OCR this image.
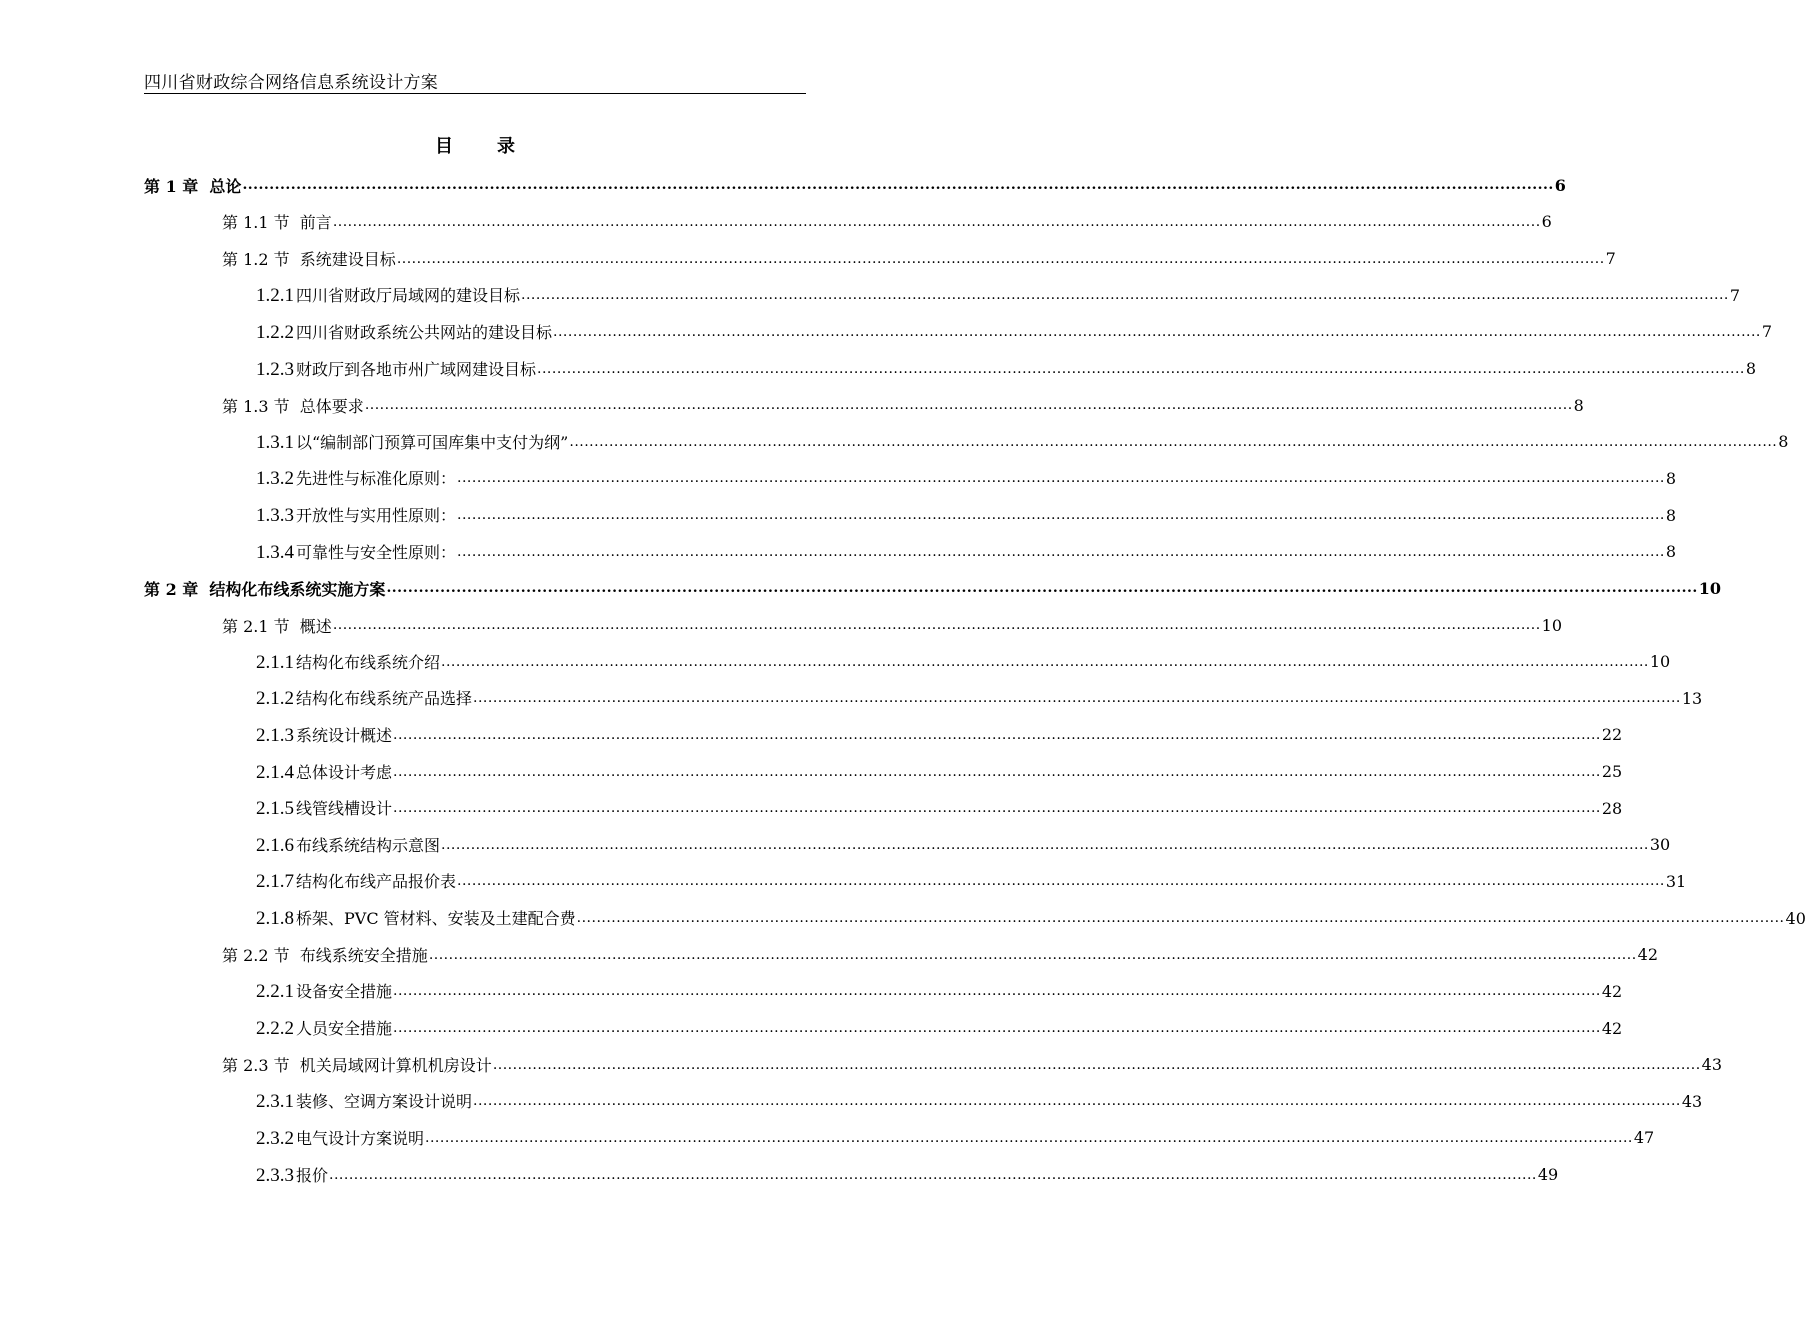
四川省财政综合网络信息系统设计方案
目 录
第 1 章 总论 .................................................................................................................................................................................................................................................... 6
第 1.1 节 前言 .................................................................................................................................................................................................................................................... 6
第 1.2 节 系统建设目标 .................................................................................................................................................................................................................................................... 7
1.2.1 四川省财政厅局域网的建设目标 .................................................................................................................................................................................................................................................... 7
1.2.2 四川省财政系统公共网站的建设目标 .................................................................................................................................................................................................................................................... 7
1.2.3 财政厅到各地市州广域网建设目标 .................................................................................................................................................................................................................................................... 8
第 1.3 节 总体要求 .................................................................................................................................................................................................................................................... 8
1.3.1 以“编制部门预算可国库集中支付为纲” .................................................................................................................................................................................................................................................... 8
1.3.2 先进性与标准化原则： .................................................................................................................................................................................................................................................... 8
1.3.3 开放性与实用性原则： .................................................................................................................................................................................................................................................... 8
1.3.4 可靠性与安全性原则： .................................................................................................................................................................................................................................................... 8
第 2 章 结构化布线系统实施方案 .................................................................................................................................................................................................................................................... 10
第 2.1 节 概述 .................................................................................................................................................................................................................................................... 10
2.1.1 结构化布线系统介绍 .................................................................................................................................................................................................................................................... 10
2.1.2 结构化布线系统产品选择 .................................................................................................................................................................................................................................................... 13
2.1.3 系统设计概述 .................................................................................................................................................................................................................................................... 22
2.1.4 总体设计考虑 .................................................................................................................................................................................................................................................... 25
2.1.5 线管线槽设计 .................................................................................................................................................................................................................................................... 28
2.1.6 布线系统结构示意图 .................................................................................................................................................................................................................................................... 30
2.1.7 结构化布线产品报价表 .................................................................................................................................................................................................................................................... 31
2.1.8 桥架、PVC 管材料、安装及土建配合费 .................................................................................................................................................................................................................................................... 40
第 2.2 节 布线系统安全措施 .................................................................................................................................................................................................................................................... 42
2.2.1 设备安全措施 .................................................................................................................................................................................................................................................... 42
2.2.2 人员安全措施 .................................................................................................................................................................................................................................................... 42
第 2.3 节 机关局域网计算机机房设计 .................................................................................................................................................................................................................................................... 43
2.3.1 装修、空调方案设计说明 .................................................................................................................................................................................................................................................... 43
2.3.2 电气设计方案说明 .................................................................................................................................................................................................................................................... 47
2.3.3 报价 .................................................................................................................................................................................................................................................... 49
